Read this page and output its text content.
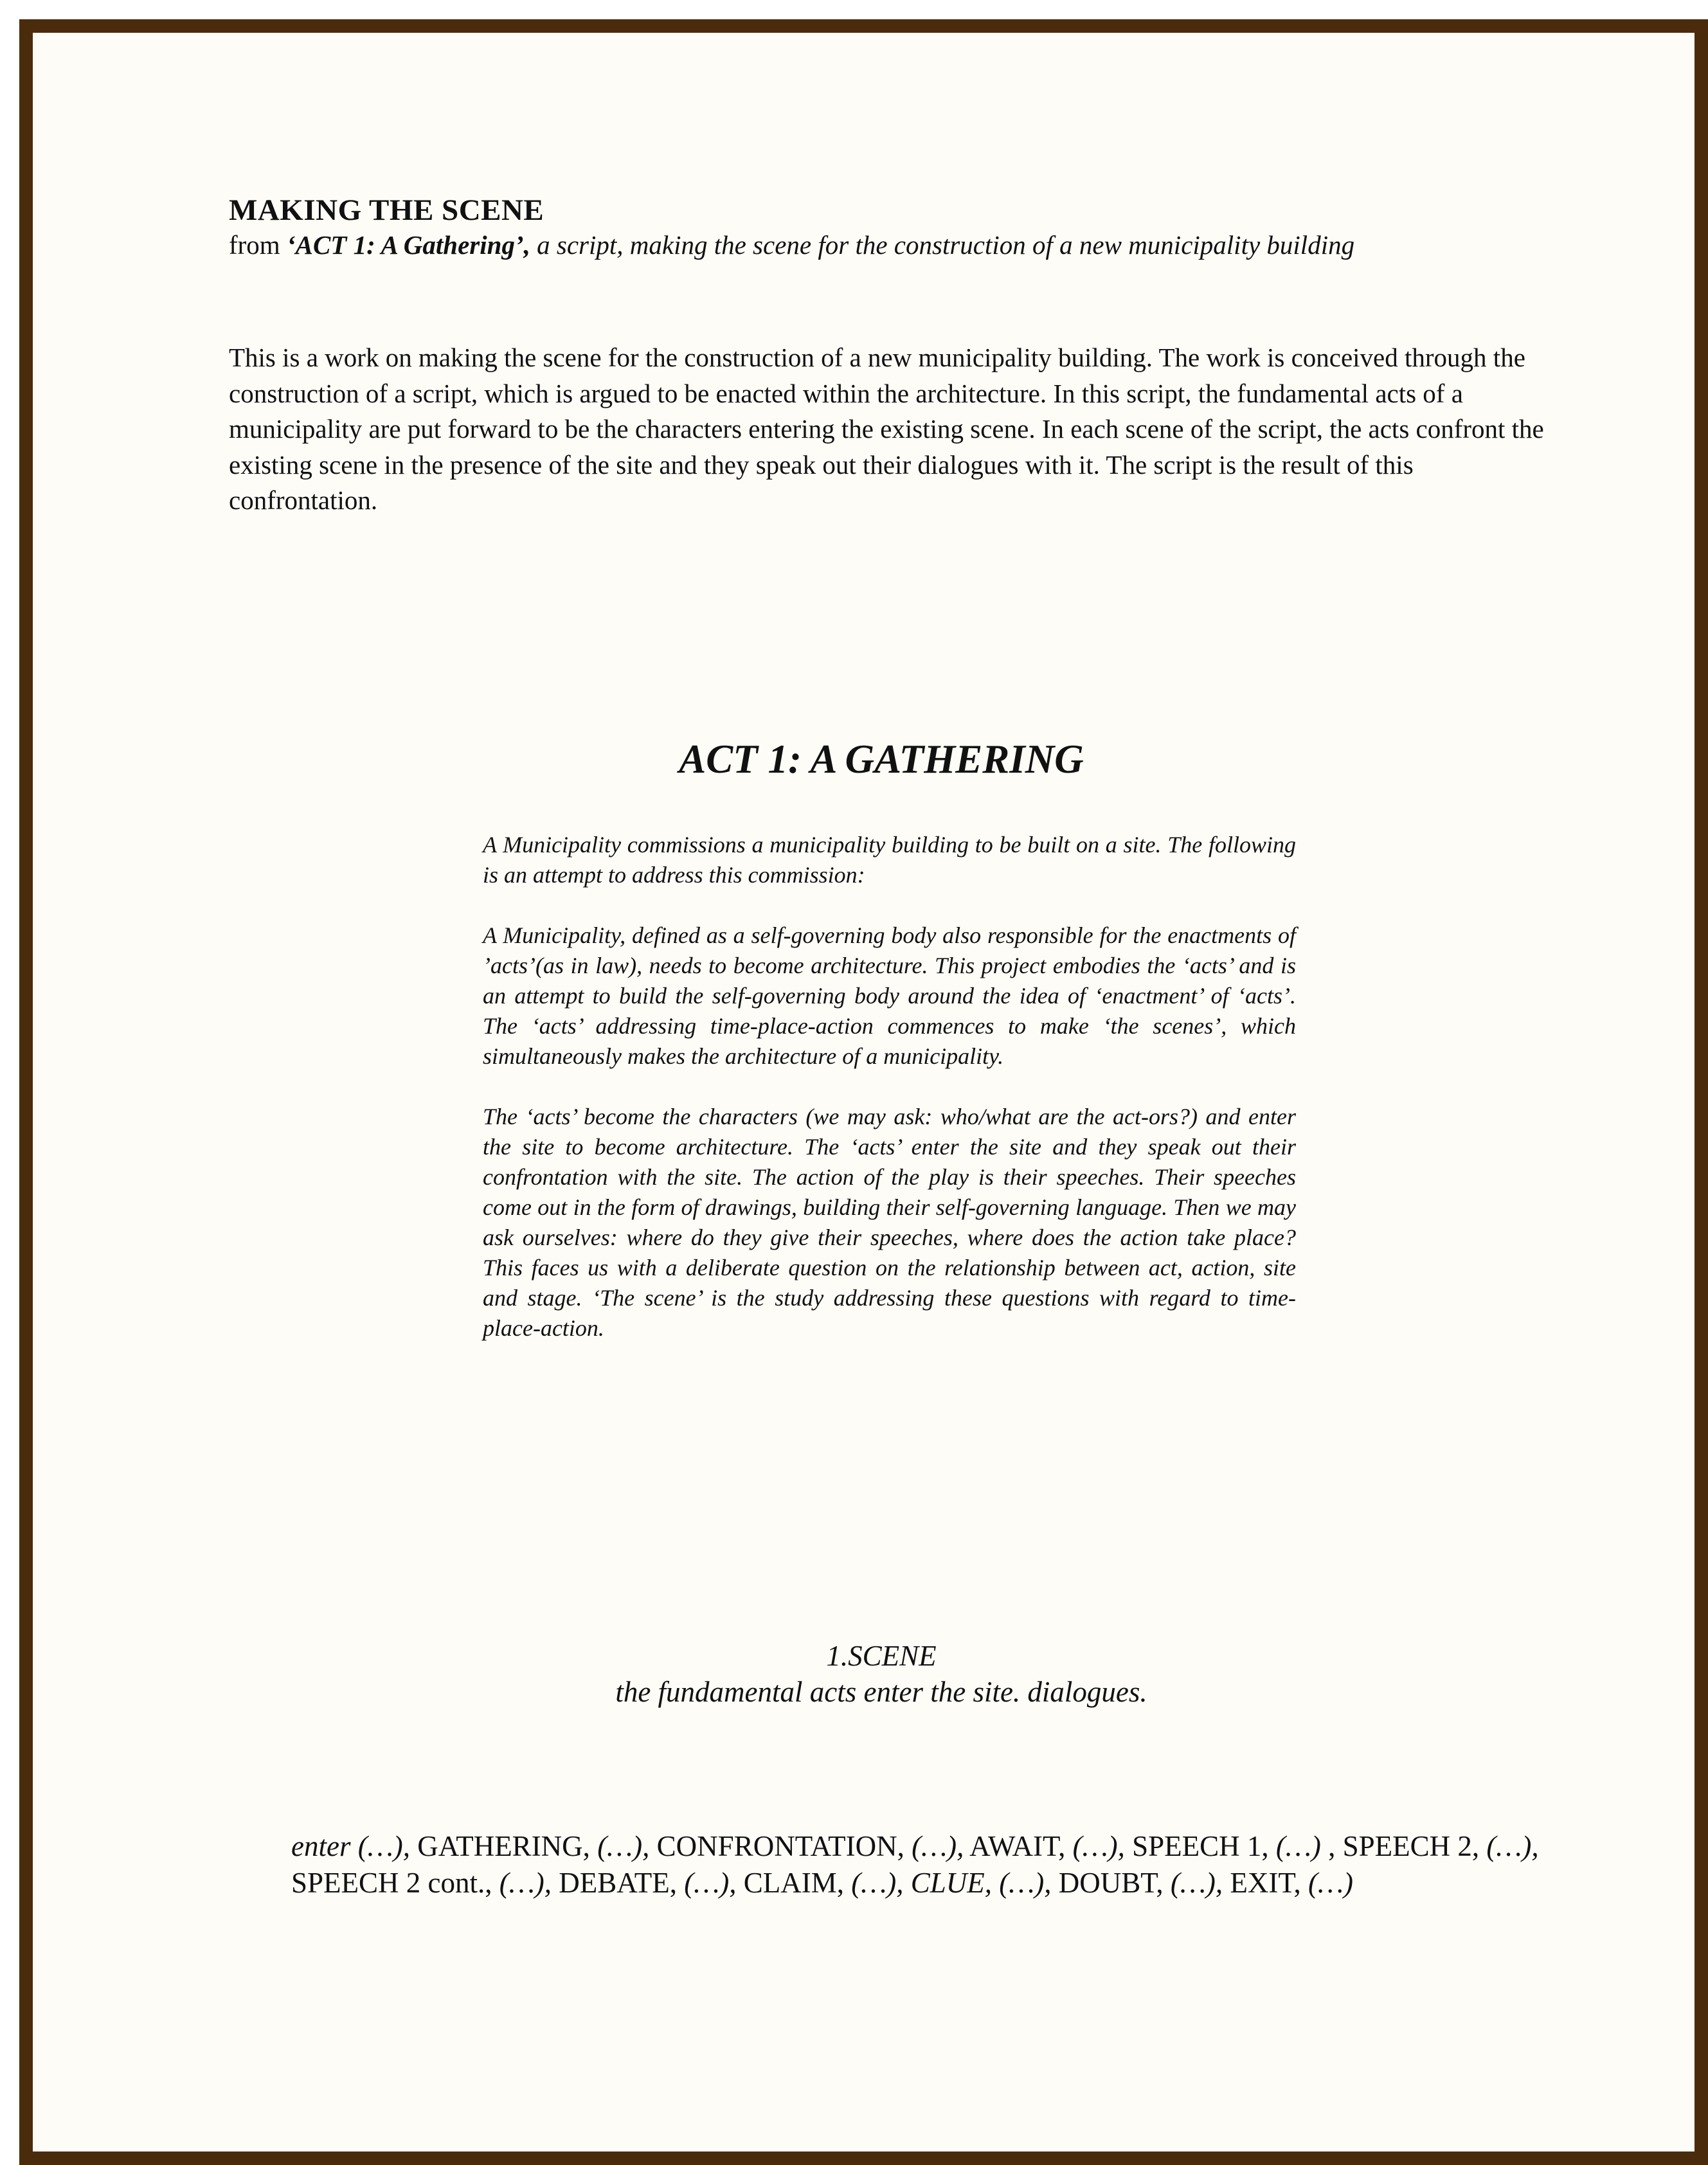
MAKING THE SCENE
from ‘ACT 1: A Gathering’, a script, making the scene for the construction of a new municipality building
This is a work on making the scene for the construction of a new municipality building. The work is conceived through the construction of a script, which is argued to be enacted within the architecture. In this script, the fundamental acts of a municipality are put forward to be the characters entering the existing scene. In each scene of the script, the acts confront the existing scene in the presence of the site and they speak out their dialogues with it. The script is the result of this confrontation.
ACT 1: A GATHERING

A Municipality commissions a municipality building to be built on a site. The following is an attempt to address this commission:

A Municipality, defined as a self-governing body also responsible for the enactments of ’acts’(as in law), needs to become architecture. This project embodies the ‘acts’ and is an attempt to build the self-governing body around the idea of ‘enactment’ of ‘acts’. The ‘acts’ addressing time-place-action commences to make ‘the scenes’, which simultaneously makes the architecture of a municipality.

The ‘acts’ become the characters (we may ask: who/what are the act-ors?) and enter the site to become architecture. The ‘acts’ enter the site and they speak out their confrontation with the site. The action of the play is their speeches. Their speeches come out in the form of drawings, building their self-governing language. Then we may ask ourselves: where do they give their speeches, where does the action take place? This faces us with a deliberate question on the relationship between act, action, site and stage. ‘The scene’ is the study addressing these questions with regard to time-place-action.

1.SCENE
the fundamental acts enter the site. dialogues.
enter (…), GATHERING, (…), CONFRONTATION, (…), AWAIT, (…), SPEECH 1, (…) , SPEECH 2, (…), SPEECH 2 cont., (…), DEBATE, (…), CLAIM, (…), CLUE, (…), DOUBT, (…), EXIT, (…)
